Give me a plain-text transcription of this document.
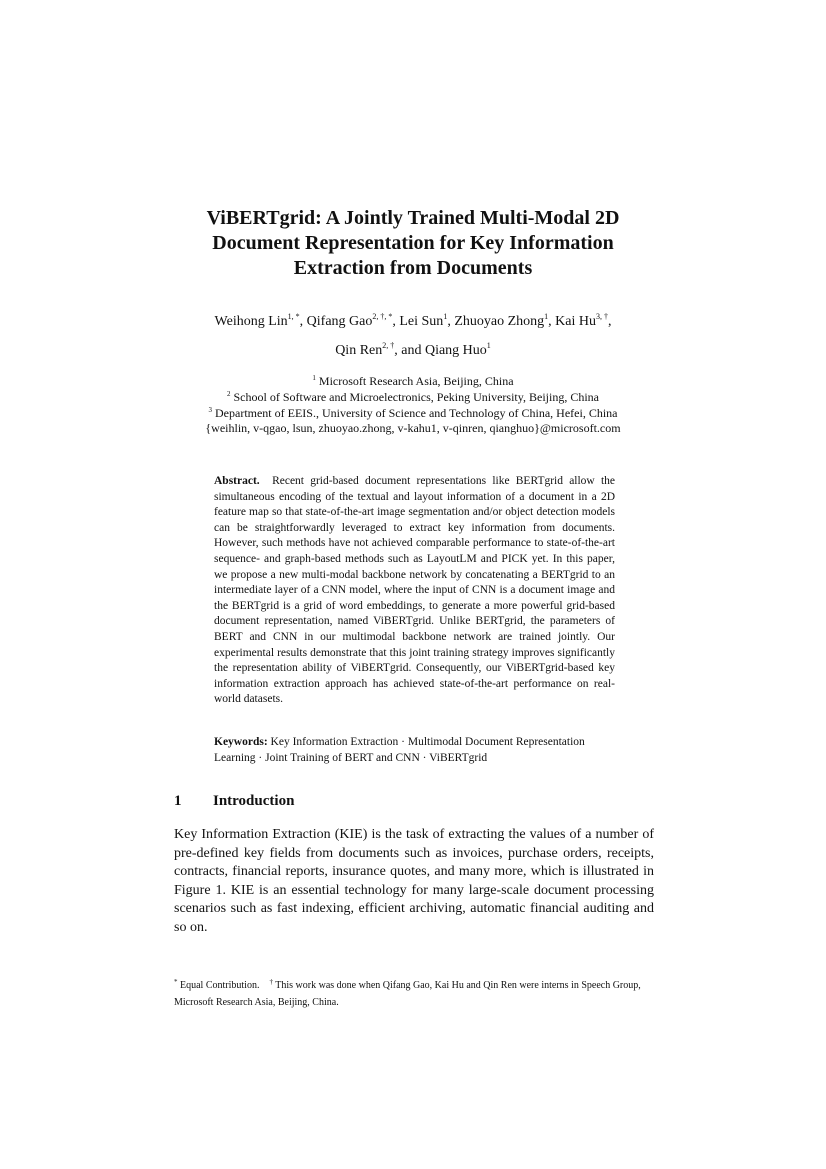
ViBERTgrid: A Jointly Trained Multi-Modal 2D
Document Representation for Key Information
Extraction from Documents
Weihong Lin$^{1, *}$, Qifang Gao$^{2, \dagger, *}$, Lei Sun$^1$, Zhuoyao Zhong$^1$, Kai $Hu^{3, \dagger}$,
Qin Ren$^{2, \dagger}$, and Qiang Huo$^1$
$^1$ Microsoft Research Asia, Beijing, China
$^2$ School of Software and Microelectronics, Peking University, Beijing, China
$^3$ Department of EEIS., University of Science and Technology of China, Hefei, China
{weihlin, v-qgao, lsun, zhuoyao.zhong, v-kahu1, v-qinren, qianghuo}@microsoft.com

Abstract. Recent grid-based document representations like BERTgrid allow the simultaneous encoding of the textual and layout information of a document in a 2D feature map so that state-of-the-art image segmentation and/or object detection models can be straightforwardly leveraged to extract key information from documents. However, such methods have not achieved comparable performance to state-of-the-art sequence- and graph-based methods such as LayoutLM and PICK yet. In this paper, we propose a new multi-modal backbone network by concatenating a BERTgrid to an intermediate layer of a CNN model, where the input of CNN is a document image and the BERTgrid is a grid of word embeddings, to generate a more powerful grid-based document representation, named ViBERTgrid. Unlike BERTgrid, the parameters of BERT and CNN in our multimodal backbone network are trained jointly. Our experimental results demonstrate that this joint training strategy improves significantly the representation ability of ViBERTgrid. Consequently, our ViBERTgrid-based key information extraction approach has achieved state-of-the-art performance on real-world datasets.

Keywords: Key Information Extraction · Multimodal Document Representation Learning · Joint Training of BERT and CNN · ViBERTgrid

1 Introduction

Key Information Extraction (KIE) is the task of extracting the values of a number of pre-defined key fields from documents such as invoices, purchase orders, receipts, contracts, financial reports, insurance quotes, and many more, which is illustrated in Figure 1. KIE is an essential technology for many large-scale document processing scenarios such as fast indexing, efficient archiving, automatic financial auditing and so on.

* Equal Contribution. † This work was done when Qifang Gao, Kai Hu and Qin Ren were interns in Speech Group, Microsoft Research Asia, Beijing, China.
